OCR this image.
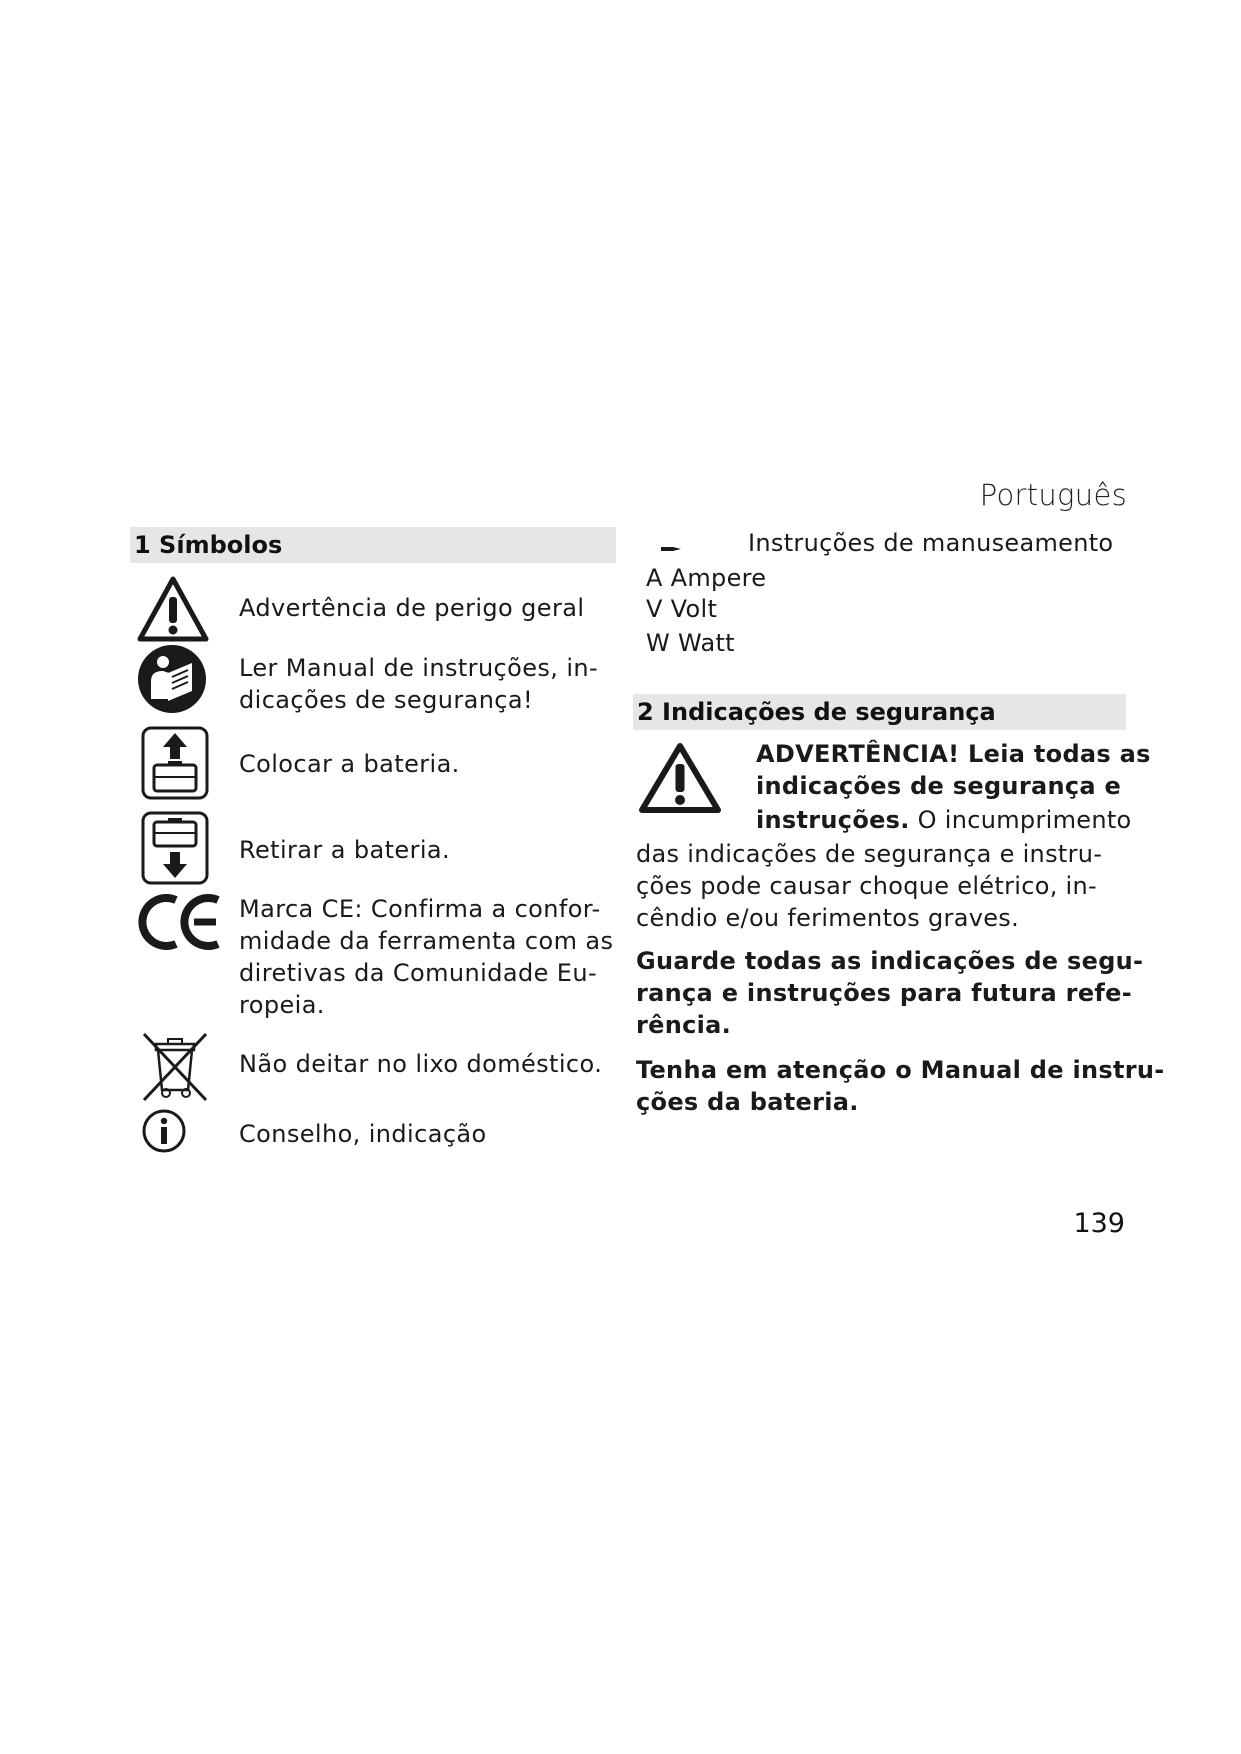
Português
1 Símbolos
Advertência de perigo geral
Ler Manual de instruções, in-
dicações de segurança!
Colocar a bateria.
Retirar a bateria.
Marca CE: Confirma a confor-
midade da ferramenta com as
diretivas da Comunidade Eu-
ropeia.
Não deitar no lixo doméstico.
Conselho, indicação
Instruções de manuseamento
A Ampere
V Volt
W Watt
2 Indicações de segurança
ADVERTÊNCIA! Leia todas as
indicações de segurança e
instruções. O incumprimento
das indicações de segurança e instru-
ções pode causar choque elétrico, in-
cêndio e/ou ferimentos graves.
Guarde todas as indicações de segu-
rança e instruções para futura refe-
rência.
Tenha em atenção o Manual de instru-
ções da bateria.
139
